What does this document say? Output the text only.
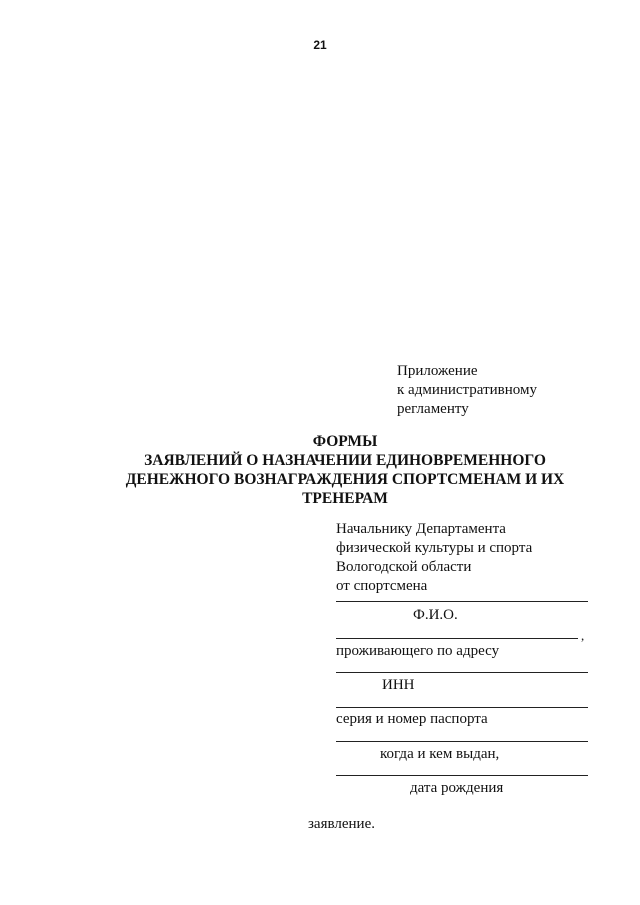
21
Приложение
к административному
регламенту
ФОРМЫ
ЗАЯВЛЕНИЙ О НАЗНАЧЕНИИ ЕДИНОВРЕМЕННОГО
ДЕНЕЖНОГО ВОЗНАГРАЖДЕНИЯ СПОРТСМЕНАМ И ИХ
ТРЕНЕРАМ
Начальнику Департамента
физической культуры и спорта
Вологодской области
от спортсмена
Ф.И.О.
,
проживающего по адресу
ИНН
серия и номер паспорта
когда и кем выдан,
дата рождения
заявление.
